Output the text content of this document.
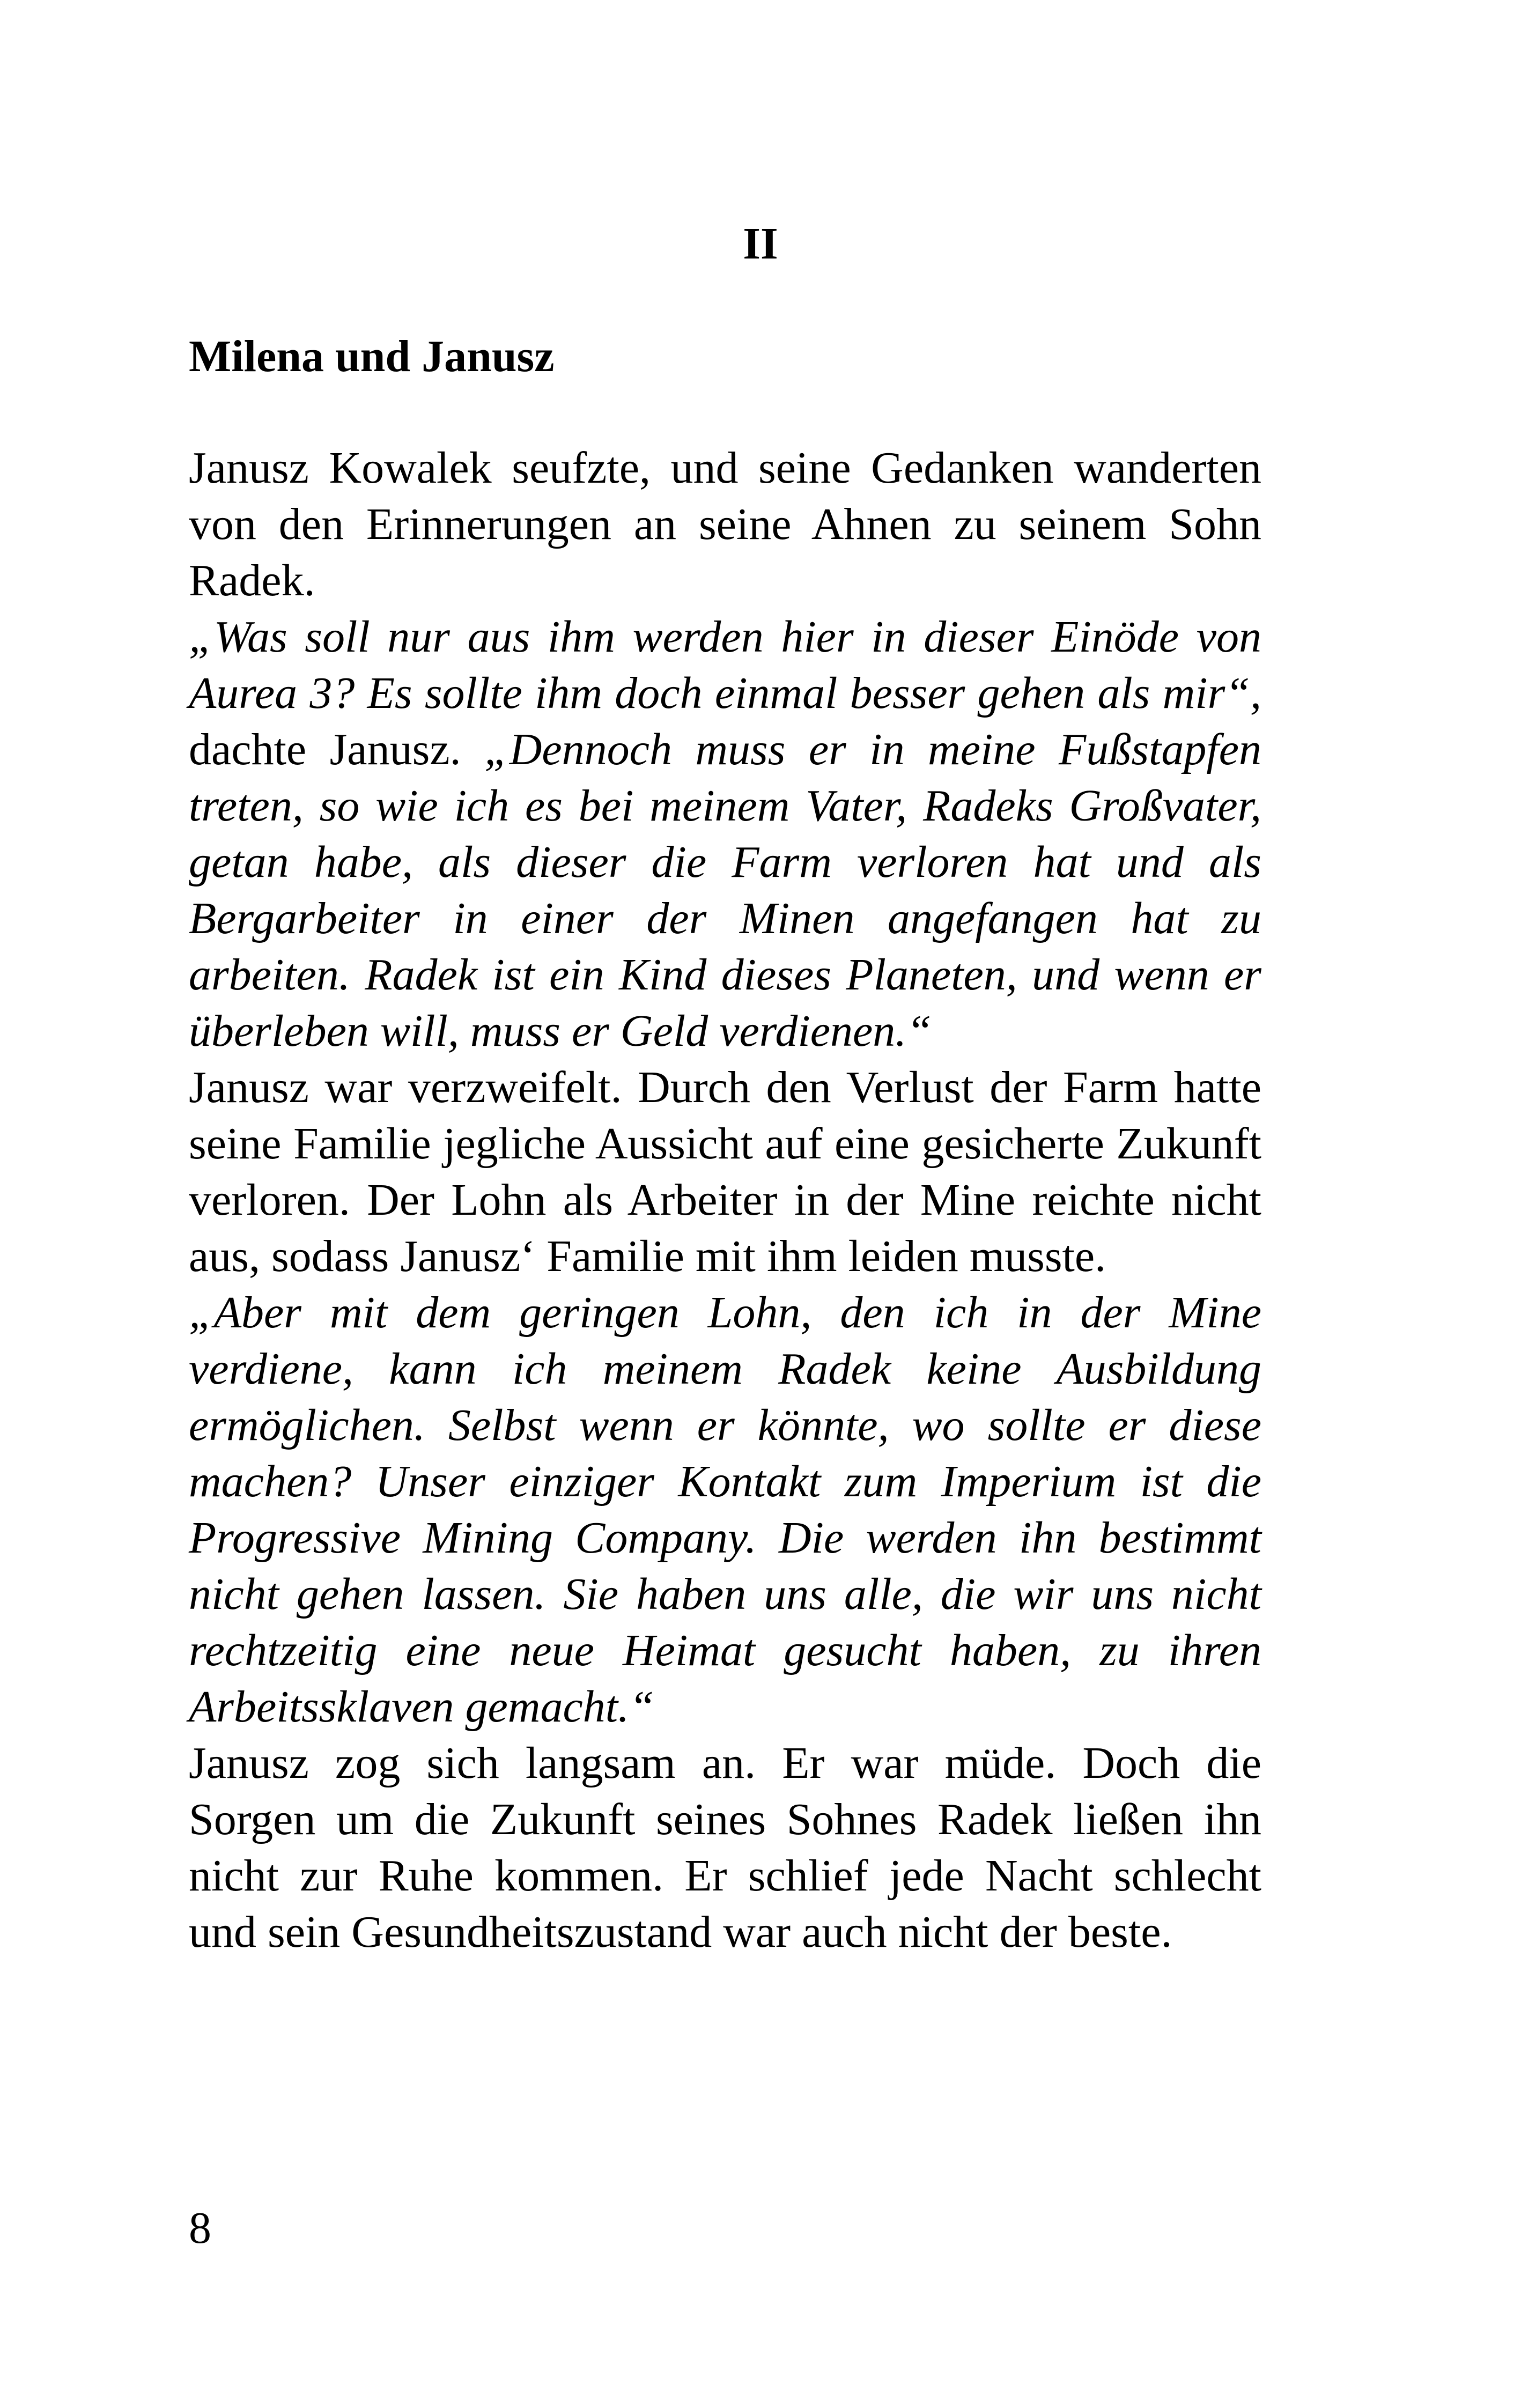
II
Milena und Janusz

Janusz Kowalek seufzte, und seine Gedanken wanderten von den Erinnerungen an seine Ahnen zu seinem Sohn Radek.

„Was soll nur aus ihm werden hier in dieser Einöde von Aurea 3? Es sollte ihm doch einmal besser gehen als mir“, dachte Janusz. „Dennoch muss er in meine Fußstapfen treten, so wie ich es bei meinem Vater, Radeks Großvater, getan habe, als dieser die Farm verloren hat und als Bergarbeiter in einer der Minen angefangen hat zu arbeiten. Radek ist ein Kind dieses Planeten, und wenn er überleben will, muss er Geld verdienen.“

Janusz war verzweifelt. Durch den Verlust der Farm hatte seine Familie jegliche Aussicht auf eine gesicherte Zukunft verloren. Der Lohn als Arbeiter in der Mine reichte nicht aus, sodass Janusz‘ Familie mit ihm leiden musste.

„Aber mit dem geringen Lohn, den ich in der Mine verdiene, kann ich meinem Radek keine Ausbildung ermöglichen. Selbst wenn er könnte, wo sollte er diese machen? Unser einziger Kontakt zum Imperium ist die Progressive Mining Company. Die werden ihn bestimmt nicht gehen lassen. Sie haben uns alle, die wir uns nicht rechtzeitig eine neue Heimat gesucht haben, zu ihren Arbeitssklaven gemacht.“

Janusz zog sich langsam an. Er war müde. Doch die Sorgen um die Zukunft seines Sohnes Radek ließen ihn nicht zur Ruhe kommen. Er schlief jede Nacht schlecht und sein Gesundheitszustand war auch nicht der beste.

8
